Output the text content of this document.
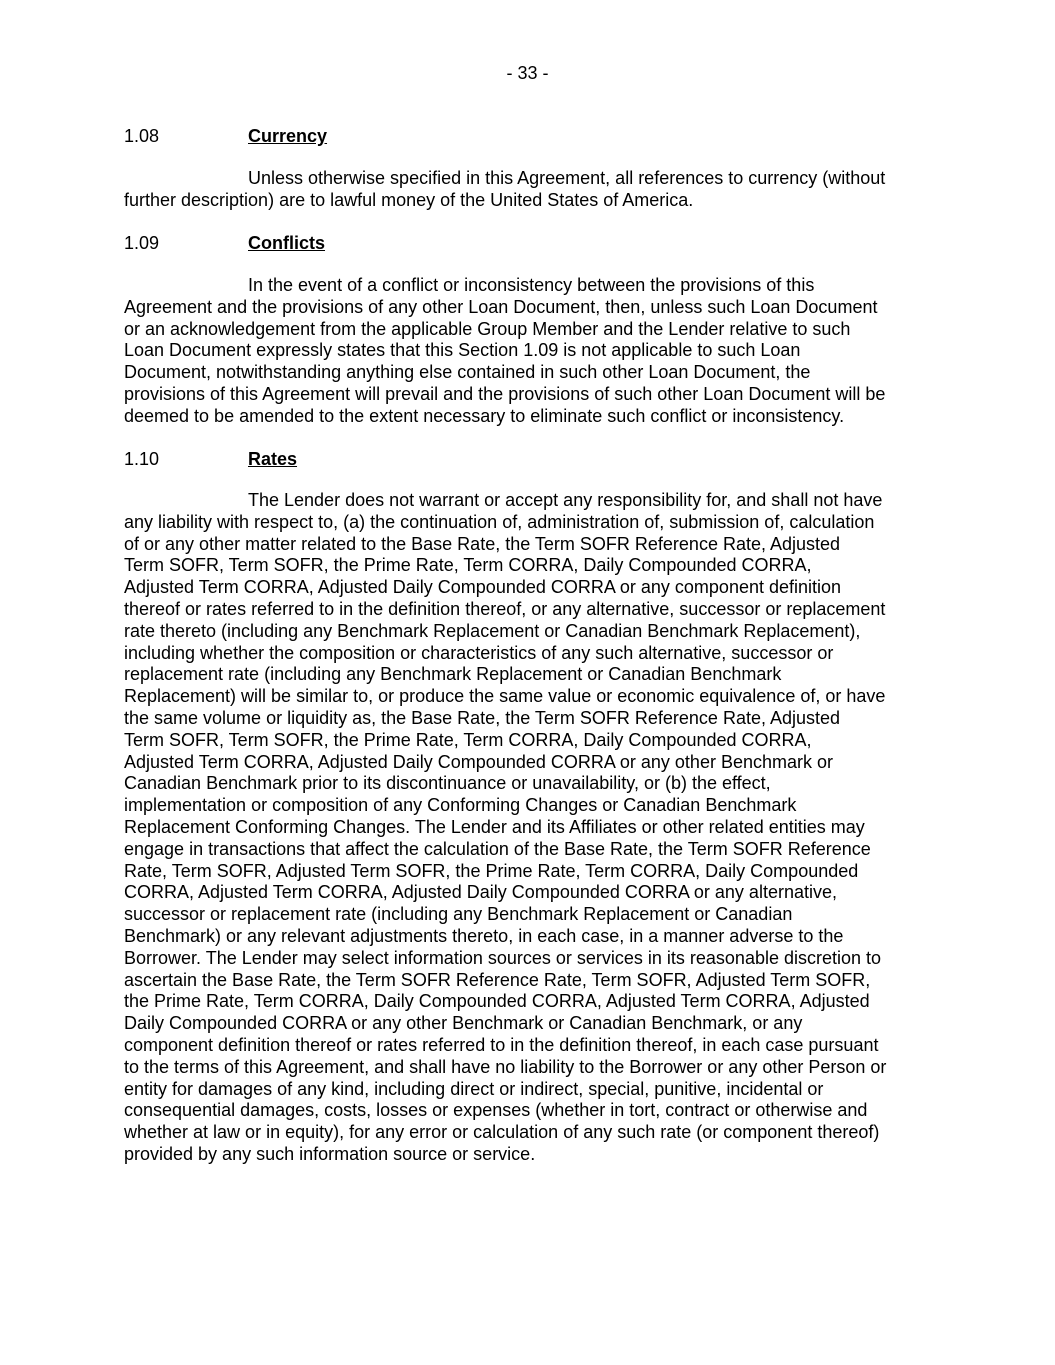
- 33 -
1.08	Currency
Unless otherwise specified in this Agreement, all references to currency (without
further description) are to lawful money of the United States of America.
1.09	Conflicts
In the event of a conflict or inconsistency between the provisions of this
Agreement and the provisions of any other Loan Document, then, unless such Loan Document
or an acknowledgement from the applicable Group Member and the Lender relative to such
Loan Document expressly states that this Section 1.09 is not applicable to such Loan
Document, notwithstanding anything else contained in such other Loan Document, the
provisions of this Agreement will prevail and the provisions of such other Loan Document will be
deemed to be amended to the extent necessary to eliminate such conflict or inconsistency.
1.10	Rates
The Lender does not warrant or accept any responsibility for, and shall not have
any liability with respect to, (a) the continuation of, administration of, submission of, calculation
of or any other matter related to the Base Rate, the Term SOFR Reference Rate, Adjusted
Term SOFR, Term SOFR, the Prime Rate, Term CORRA, Daily Compounded CORRA,
Adjusted Term CORRA, Adjusted Daily Compounded CORRA or any component definition
thereof or rates referred to in the definition thereof, or any alternative, successor or replacement
rate thereto (including any Benchmark Replacement or Canadian Benchmark Replacement),
including whether the composition or characteristics of any such alternative, successor or
replacement rate (including any Benchmark Replacement or Canadian Benchmark
Replacement) will be similar to, or produce the same value or economic equivalence of, or have
the same volume or liquidity as, the Base Rate, the Term SOFR Reference Rate, Adjusted
Term SOFR, Term SOFR, the Prime Rate, Term CORRA, Daily Compounded CORRA,
Adjusted Term CORRA, Adjusted Daily Compounded CORRA or any other Benchmark or
Canadian Benchmark prior to its discontinuance or unavailability, or (b) the effect,
implementation or composition of any Conforming Changes or Canadian Benchmark
Replacement Conforming Changes. The Lender and its Affiliates or other related entities may
engage in transactions that affect the calculation of the Base Rate, the Term SOFR Reference
Rate, Term SOFR, Adjusted Term SOFR, the Prime Rate, Term CORRA, Daily Compounded
CORRA, Adjusted Term CORRA, Adjusted Daily Compounded CORRA or any alternative,
successor or replacement rate (including any Benchmark Replacement or Canadian
Benchmark) or any relevant adjustments thereto, in each case, in a manner adverse to the
Borrower. The Lender may select information sources or services in its reasonable discretion to
ascertain the Base Rate, the Term SOFR Reference Rate, Term SOFR, Adjusted Term SOFR,
the Prime Rate, Term CORRA, Daily Compounded CORRA, Adjusted Term CORRA, Adjusted
Daily Compounded CORRA or any other Benchmark or Canadian Benchmark, or any
component definition thereof or rates referred to in the definition thereof, in each case pursuant
to the terms of this Agreement, and shall have no liability to the Borrower or any other Person or
entity for damages of any kind, including direct or indirect, special, punitive, incidental or
consequential damages, costs, losses or expenses (whether in tort, contract or otherwise and
whether at law or in equity), for any error or calculation of any such rate (or component thereof)
provided by any such information source or service.
